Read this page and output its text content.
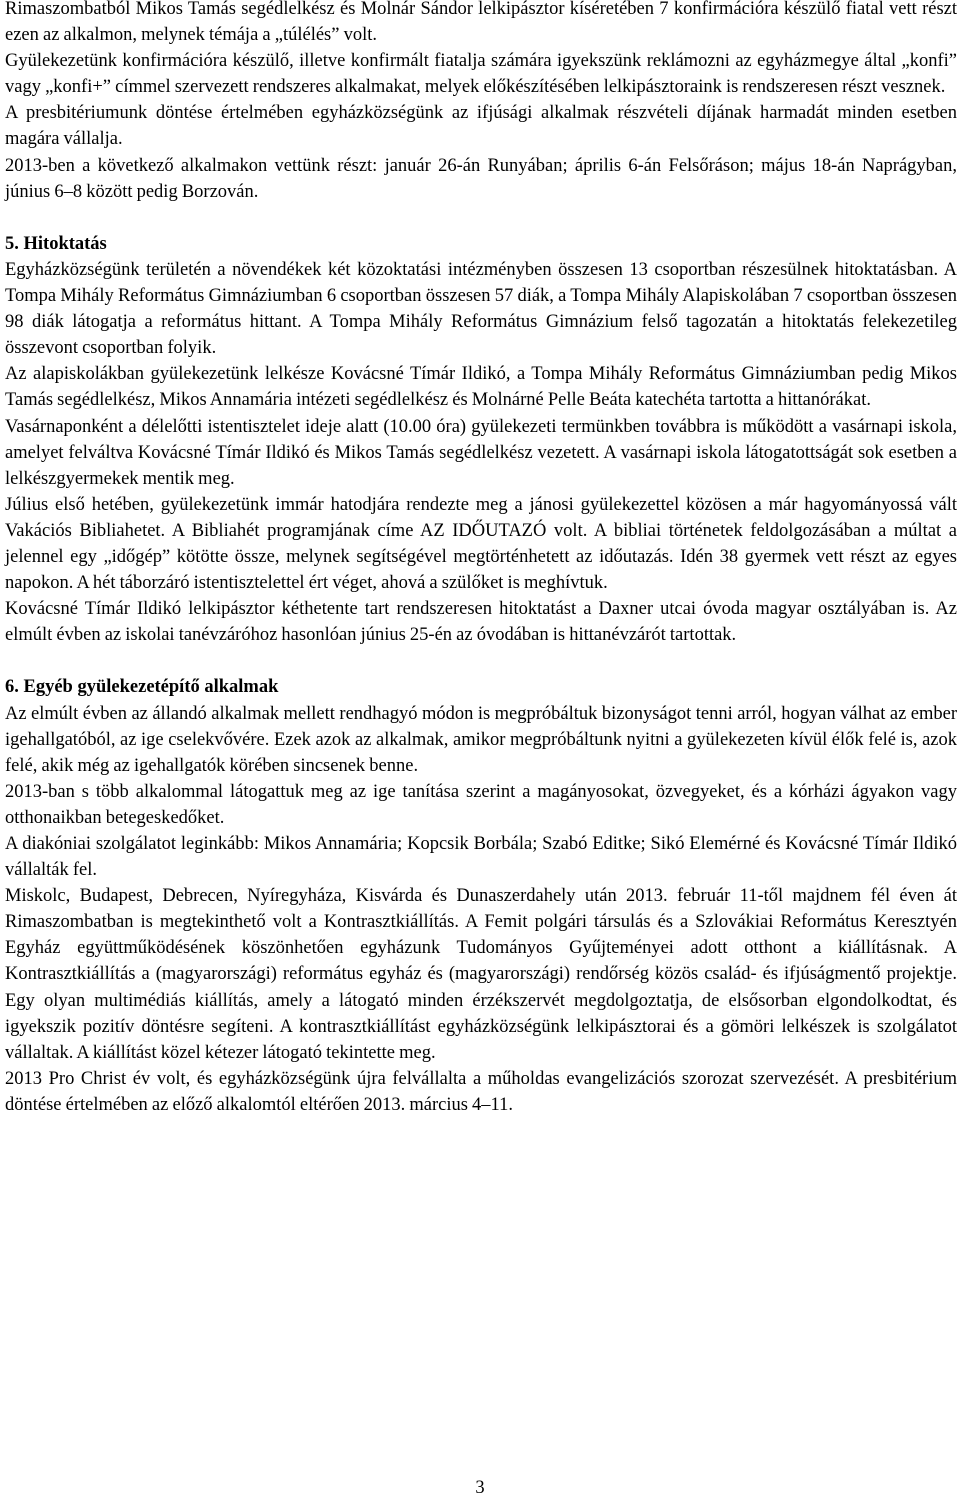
Rimaszombatból Mikos Tamás segédlelkész és Molnár Sándor lelkipásztor kíséretében 7 konfirmációra készülő fiatal vett részt ezen az alkalmon, melynek témája a „túlélés” volt.

Gyülekezetünk konfirmációra készülő, illetve konfirmált fiatalja számára igyekszünk reklámozni az egyházmegye által „konfi” vagy „konfi+” címmel szervezett rendszeres alkalmakat, melyek előkészítésében lelkipásztoraink is rendszeresen részt vesznek.

A presbitériumunk döntése értelmében egyházközségünk az ifjúsági alkalmak részvételi díjának harmadát minden esetben magára vállalja.

2013-ben a következő alkalmakon vettünk részt: január 26-án Runyában; április 6-án Felsőráson; május 18-án Naprágyban, június 6–8 között pedig Borzován.

5. Hitoktatás

Egyházközségünk területén a növendékek két közoktatási intézményben összesen 13 csoportban részesülnek hitoktatásban. A Tompa Mihály Református Gimnáziumban 6 csoportban összesen 57 diák, a Tompa Mihály Alapiskolában 7 csoportban összesen 98 diák látogatja a református hittant. A Tompa Mihály Református Gimnázium felső tagozatán a hitoktatás felekezetileg összevont csoportban folyik.

Az alapiskolákban gyülekezetünk lelkésze Kovácsné Tímár Ildikó, a Tompa Mihály Református Gimnáziumban pedig Mikos Tamás segédlelkész, Mikos Annamária intézeti segédlelkész és Molnárné Pelle Beáta katechéta tartotta a hittanórákat.

Vasárnaponként a délelőtti istentisztelet ideje alatt (10.00 óra) gyülekezeti termünkben továbbra is működött a vasárnapi iskola, amelyet felváltva Kovácsné Tímár Ildikó és Mikos Tamás segédlelkész vezetett. A vasárnapi iskola látogatottságát sok esetben a lelkészgyermekek mentik meg.

Július első hetében, gyülekezetünk immár hatodjára rendezte meg a jánosi gyülekezettel közösen a már hagyományossá vált Vakációs Bibliahetet. A Bibliahét programjának címe AZ IDŐUTAZÓ volt. A bibliai történetek feldolgozásában a múltat a jelennel egy „időgép” kötötte össze, melynek segítségével megtörténhetett az időutazás. Idén 38 gyermek vett részt az egyes napokon. A hét táborzáró istentisztelettel ért véget, ahová a szülőket is meghívtuk.

Kovácsné Tímár Ildikó lelkipásztor kéthetente tart rendszeresen hitoktatást a Daxner utcai óvoda magyar osztályában is. Az elmúlt évben az iskolai tanévzáróhoz hasonlóan június 25-én az óvodában is hittanévzárót tartottak.

6. Egyéb gyülekezetépítő alkalmak

Az elmúlt évben az állandó alkalmak mellett rendhagyó módon is megpróbáltuk bizonyságot tenni arról, hogyan válhat az ember igehallgatóból, az ige cselekvővére. Ezek azok az alkalmak, amikor megpróbáltunk nyitni a gyülekezeten kívül élők felé is, azok felé, akik még az igehallgatók körében sincsenek benne.

2013-ban s több alkalommal látogattuk meg az ige tanítása szerint a magányosokat, özvegyeket, és a kórházi ágyakon vagy otthonaikban betegeskedőket.

A diakóniai szolgálatot leginkább: Mikos Annamária; Kopcsik Borbála; Szabó Editke; Sikó Elemérné és Kovácsné Tímár Ildikó vállalták fel.

Miskolc, Budapest, Debrecen, Nyíregyháza, Kisvárda és Dunaszerdahely után 2013. február 11-től majdnem fél éven át Rimaszombatban is megtekinthető volt a Kontrasztkiállítás. A Femit polgári társulás és a Szlovákiai Református Keresztyén Egyház együttműködésének köszönhetően egyházunk Tudományos Gyűjteményei adott otthont a kiállításnak. A Kontrasztkiállítás a (magyarországi) református egyház és (magyarországi) rendőrség közös család- és ifjúságmentő projektje. Egy olyan multimédiás kiállítás, amely a látogató minden érzékszervét megdolgoztatja, de elsősorban elgondolkodtat, és igyekszik pozitív döntésre segíteni. A kontrasztkiállítást egyházközségünk lelkipásztorai és a gömöri lelkészek is szolgálatot vállaltak. A kiállítást közel kétezer látogató tekintette meg.

2013 Pro Christ év volt, és egyházközségünk újra felvállalta a műholdas evangelizációs szorozat szervezését. A presbitérium döntése értelmében az előző alkalomtól eltérően 2013. március 4–11.

3
